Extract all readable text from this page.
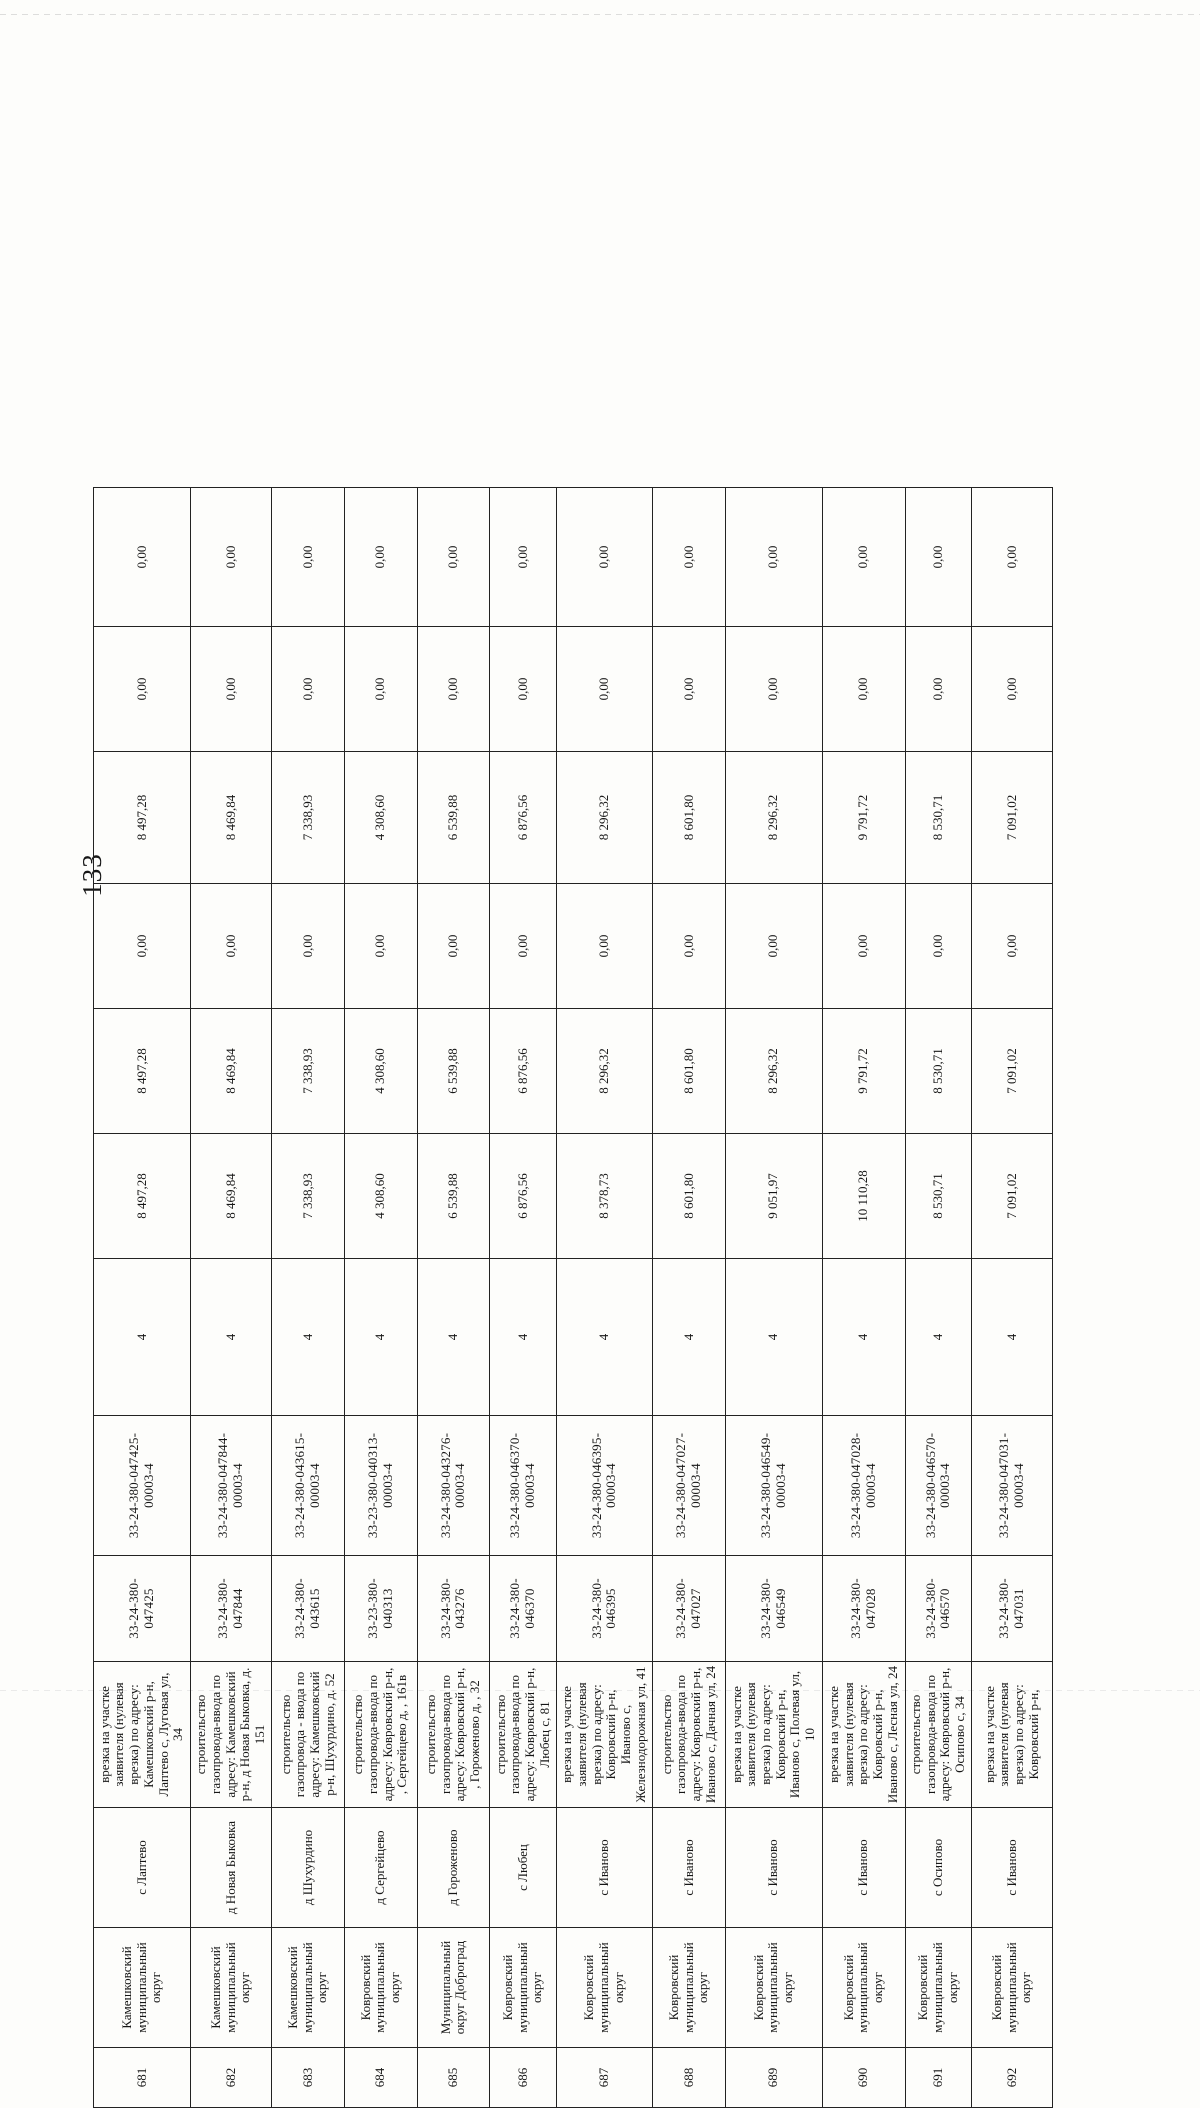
133
681	Камешковский муниципальный округ	с Лаптево	врезка на участке заявителя (нулевая врезка) по адресу: Камешковский р-н, Лаптево с, Луговая ул, 34	33-24-380-047425	33-24-380-047425-00003-4	4	8 497,28	8 497,28	0,00	8 497,28	0,00	0,00
682	Камешковский муниципальный округ	д Новая Быковка	строительство газопровода-ввода по адресу: Камешковский р-н, д Новая Быковка, д. 151	33-24-380-047844	33-24-380-047844-00003-4	4	8 469,84	8 469,84	0,00	8 469,84	0,00	0,00
683	Камешковский муниципальный округ	д Шухурдино	строительство газопровода - ввода по адресу: Камешковский р-н, Шухурдино, д. 52	33-24-380-043615	33-24-380-043615-00003-4	4	7 338,93	7 338,93	0,00	7 338,93	0,00	0,00
684	Ковровский муниципальный округ	д Сергейцево	строительство газопровода-ввода по адресу: Ковровский р-н, , Сергейцево д, , 161в	33-23-380-040313	33-23-380-040313-00003-4	4	4 308,60	4 308,60	0,00	4 308,60	0,00	0,00
685	Муниципальный округ Доброград	д Гороженово	строительство газопровода-ввода по адресу: Ковровский р-н, , Гороженово д, , 32	33-24-380-043276	33-24-380-043276-00003-4	4	6 539,88	6 539,88	0,00	6 539,88	0,00	0,00
686	Ковровский муниципальный округ	с Любец	строительство газопровода-ввода по адресу: Ковровский р-н, Любец с, 81	33-24-380-046370	33-24-380-046370-00003-4	4	6 876,56	6 876,56	0,00	6 876,56	0,00	0,00
687	Ковровский муниципальный округ	с Иваново	врезка на участке заявителя (нулевая врезка) по адресу: Ковровский р-н, Иваново с, Железнодорожная ул, 41	33-24-380-046395	33-24-380-046395-00003-4	4	8 378,73	8 296,32	0,00	8 296,32	0,00	0,00
688	Ковровский муниципальный округ	с Иваново	строительство газопровода-ввода по адресу: Ковровский р-н, Иваново с, Дачная ул, 24	33-24-380-047027	33-24-380-047027-00003-4	4	8 601,80	8 601,80	0,00	8 601,80	0,00	0,00
689	Ковровский муниципальный округ	с Иваново	врезка на участке заявителя (нулевая врезка) по адресу: Ковровский р-н, Иваново с, Полевая ул, 10	33-24-380-046549	33-24-380-046549-00003-4	4	9 051,97	8 296,32	0,00	8 296,32	0,00	0,00
690	Ковровский муниципальный округ	с Иваново	врезка на участке заявителя (нулевая врезка) по адресу: Ковровский р-н, Иваново с, Лесная ул, 24	33-24-380-047028	33-24-380-047028-00003-4	4	10 110,28	9 791,72	0,00	9 791,72	0,00	0,00
691	Ковровский муниципальный округ	с Осипово	строительство газопровода-ввода по адресу: Ковровский р-н, Осипово с, 34	33-24-380-046570	33-24-380-046570-00003-4	4	8 530,71	8 530,71	0,00	8 530,71	0,00	0,00
692	Ковровский муниципальный округ	с Иваново	врезка на участке заявителя (нулевая врезка) по адресу: Ковровский р-н,	33-24-380-047031	33-24-380-047031-00003-4	4	7 091,02	7 091,02	0,00	7 091,02	0,00	0,00
